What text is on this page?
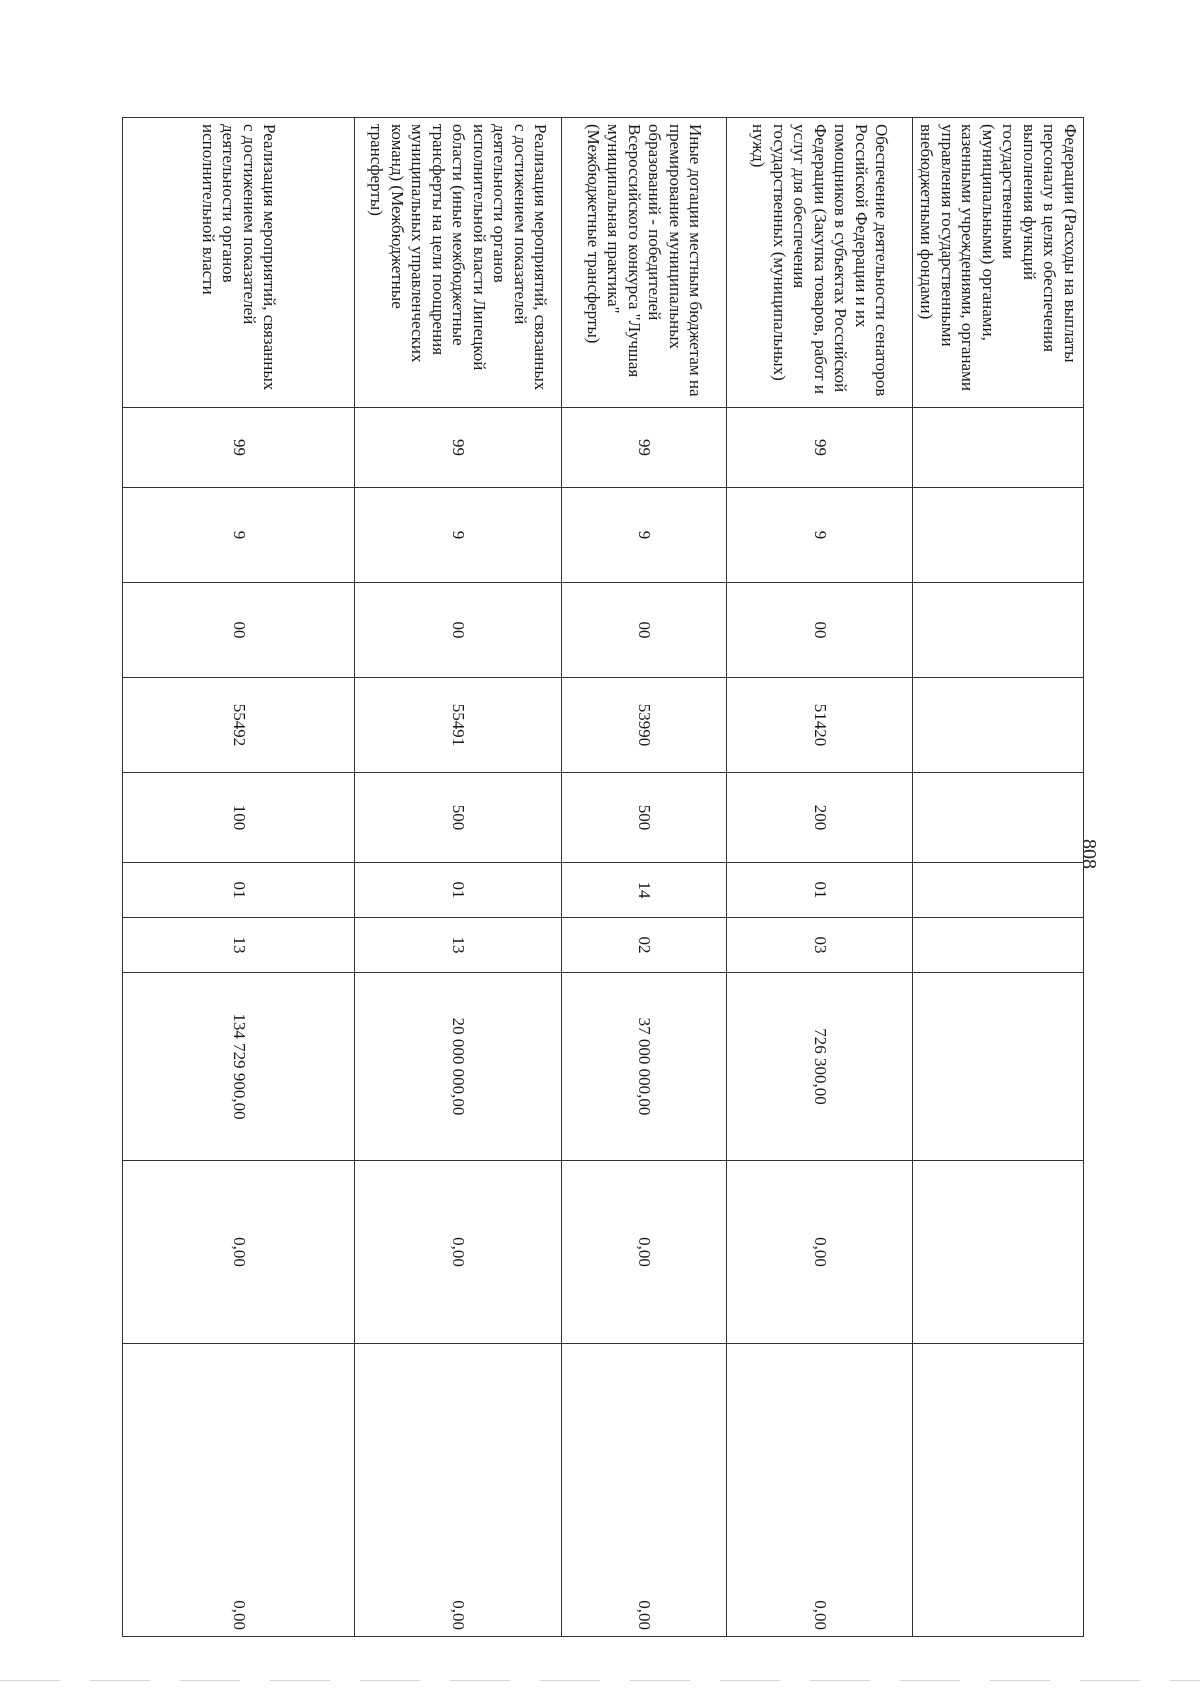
808
Федерации (Расходы на выплаты персоналу в целях обеспечения выполнения функций государственными (муниципальными) органами, казенными учреждениями, органами управления государственными внебюджетными фондами)										
Обеспечение деятельности сенаторов Российской Федерации и их помощников в субъектах Российской Федерации (Закупка товаров, работ и услуг для обеспечения государственных (муниципальных) нужд)	99	9	00	51420	200	01	03	726 300,00	0,00	0,00
Иные дотации местным бюджетам на премирование муниципальных образований - победителей Всероссийского конкурса "Лучшая муниципальная практика" (Межбюджетные трансферты)	99	9	00	53990	500	14	02	37 000 000,00	0,00	0,00
Реализация мероприятий, связанных с достижением показателей деятельности органов исполнительной власти Липецкой области (иные межбюджетные трансферты на цели поощрения муниципальных управленческих команд) (Межбюджетные трансферты)	99	9	00	55491	500	01	13	20 000 000,00	0,00	0,00
Реализация мероприятий, связанных с достижением показателей деятельности органов исполнительной власти	99	9	00	55492	100	01	13	134 729 900,00	0,00	0,00
